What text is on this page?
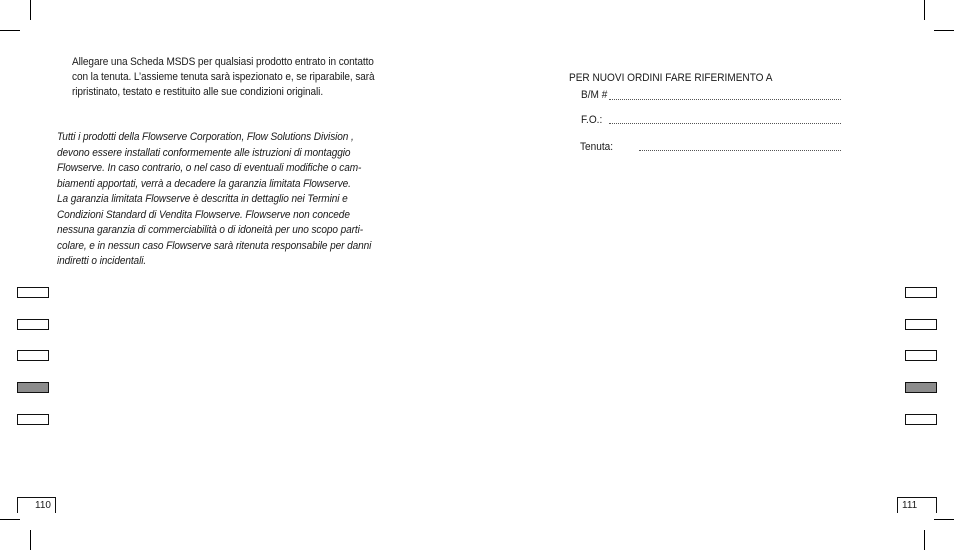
Allegare una Scheda MSDS per qualsiasi prodotto entrato in contatto
con la tenuta. L’assieme tenuta sarà ispezionato e, se riparabile, sarà
ripristinato, testato e restituito alle sue condizioni originali.
Tutti i prodotti della Flowserve Corporation, Flow Solutions Division ,
devono essere installati conformemente alle istruzioni di montaggio
Flowserve. In caso contrario, o nel caso di eventuali modifiche o cam-
biamenti apportati, verrà a decadere la garanzia limitata Flowserve.
La garanzia limitata Flowserve è descritta in dettaglio nei Termini e
Condizioni Standard di Vendita Flowserve. Flowserve non concede
nessuna garanzia di commerciabilità o di idoneità per uno scopo parti-
colare, e in nessun caso Flowserve sarà ritenuta responsabile per danni
indiretti o incidentali.
110
PER NUOVI ORDINI FARE RIFERIMENTO A
B/M #
F.O.:
Tenuta:
111
